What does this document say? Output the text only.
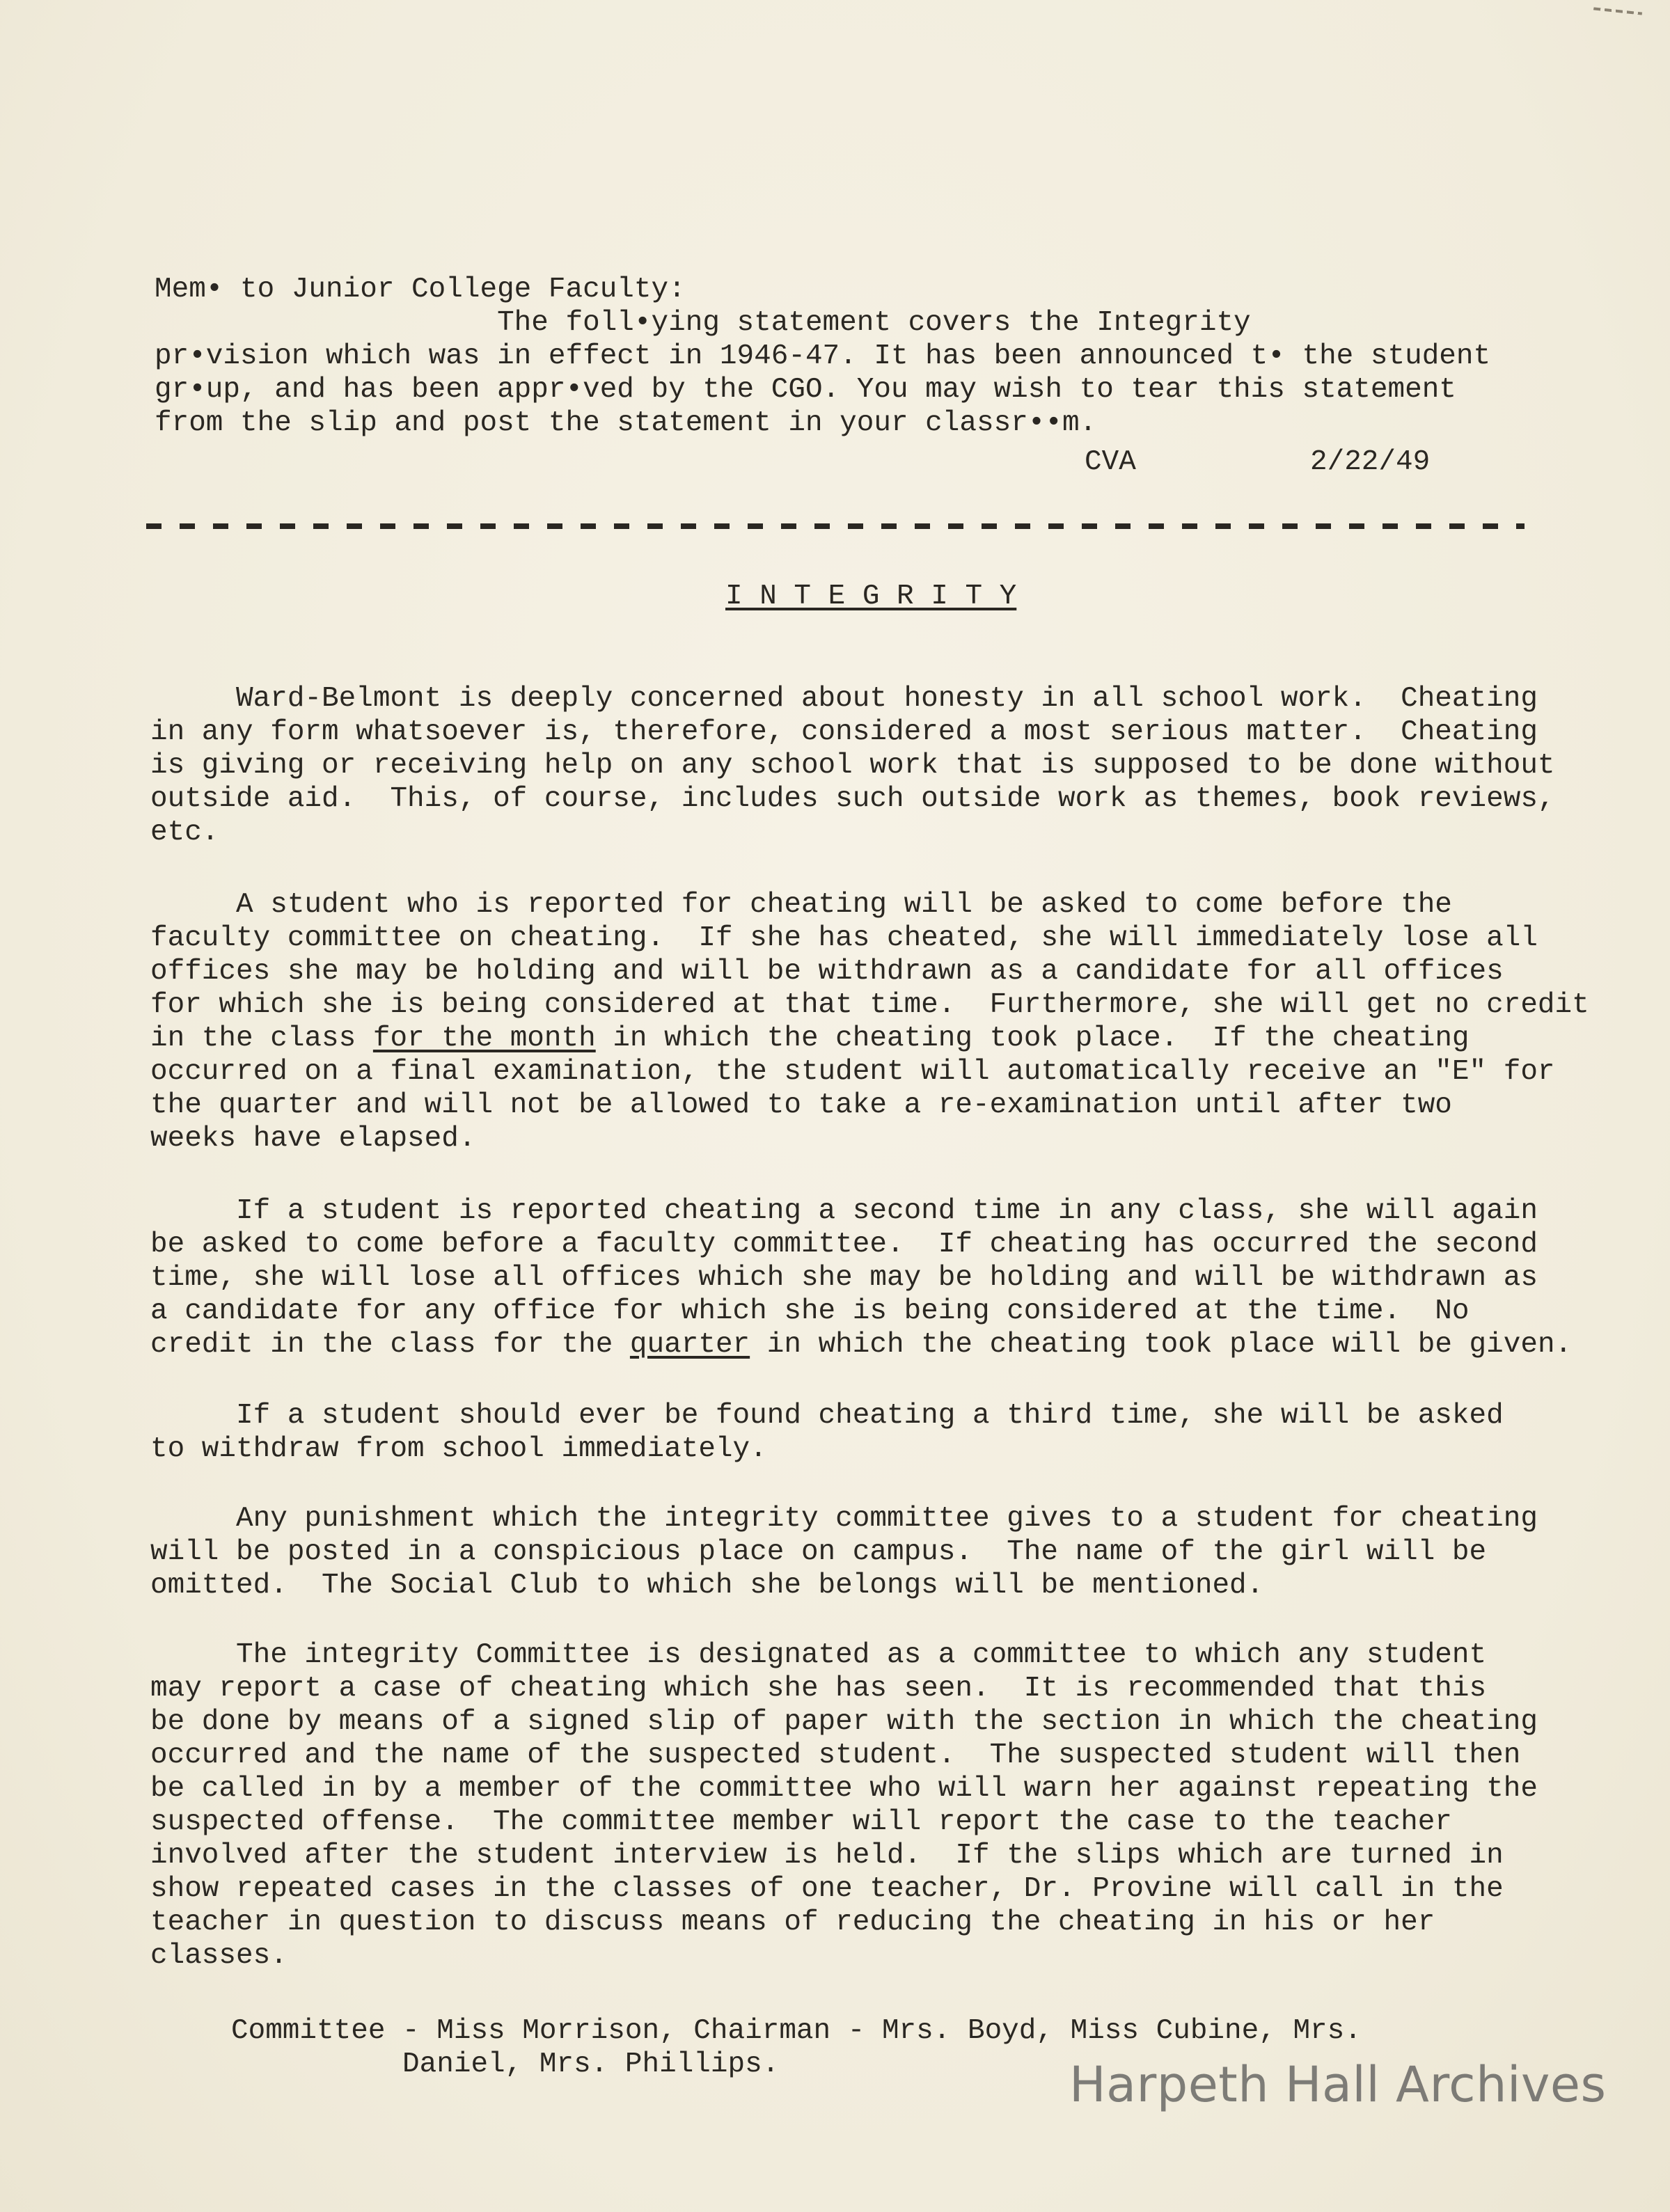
Mem• to Junior College Faculty:
The foll•ying statement covers the Integrity
pr•vision which was in effect in 1946-47. It has been announced t• the student
gr•up, and has been appr•ved by the CGO. You may wish to tear this statement
from the slip and post the statement in your classr••m.
CVA	2/22/49
I N T E G R I T Y
Ward-Belmont is deeply concerned about honesty in all school work.  Cheating
in any form whatsoever is, therefore, considered a most serious matter.  Cheating
is giving or receiving help on any school work that is supposed to be done without
outside aid.  This, of course, includes such outside work as themes, book reviews,
etc.
A student who is reported for cheating will be asked to come before the
faculty committee on cheating.  If she has cheated, she will immediately lose all
offices she may be holding and will be withdrawn as a candidate for all offices
for which she is being considered at that time.  Furthermore, she will get no credit
in the class for the month in which the cheating took place.  If the cheating
occurred on a final examination, the student will automatically receive an "E" for
the quarter and will not be allowed to take a re-examination until after two
weeks have elapsed.
If a student is reported cheating a second time in any class, she will again
be asked to come before a faculty committee.  If cheating has occurred the second
time, she will lose all offices which she may be holding and will be withdrawn as
a candidate for any office for which she is being considered at the time.  No
credit in the class for the quarter in which the cheating took place will be given.
If a student should ever be found cheating a third time, she will be asked
to withdraw from school immediately.
Any punishment which the integrity committee gives to a student for cheating
will be posted in a conspicious place on campus.  The name of the girl will be
omitted.  The Social Club to which she belongs will be mentioned.
The integrity Committee is designated as a committee to which any student
may report a case of cheating which she has seen.  It is recommended that this
be done by means of a signed slip of paper with the section in which the cheating
occurred and the name of the suspected student.  The suspected student will then
be called in by a member of the committee who will warn her against repeating the
suspected offense.  The committee member will report the case to the teacher
involved after the student interview is held.  If the slips which are turned in
show repeated cases in the classes of one teacher, Dr. Provine will call in the
teacher in question to discuss means of reducing the cheating in his or her
classes.
Committee - Miss Morrison, Chairman - Mrs. Boyd, Miss Cubine, Mrs.
Daniel, Mrs. Phillips.	Harpeth Hall Archives
